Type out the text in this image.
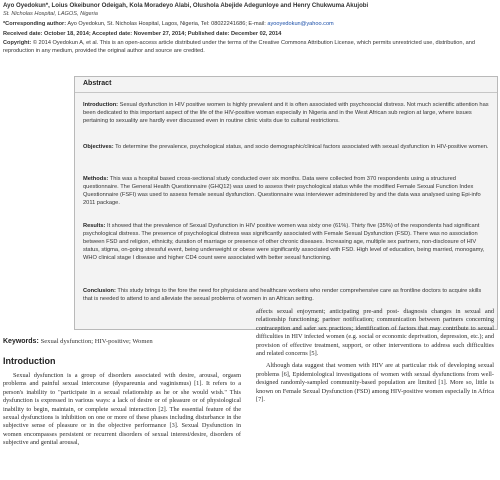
Ayo Oyedokun*, Loius Okeibunor Odeigah, Kola Moradeyo Alabi, Olushola Abejide Adegunloye and Henry Chukwuma Akujobi
St. Nicholas Hospital, LAGOS, Nigeria
*Corresponding author: Ayo Oyedokun, St. Nicholas Hospital, Lagos, Nigeria, Tel: 08022241686; E-mail: ayooyedokun@yahoo.com
Received date: October 18, 2014; Accepted date: November 27, 2014; Published date: December 02, 2014
Copyright: © 2014 Oyedokun A, et al. This is an open-access article distributed under the terms of the Creative Commons Attribution License, which permits unrestricted use, distribution, and reproduction in any medium, provided the original author and source are credited.
Abstract
Introduction: Sexual dysfunction in HIV positive women is highly prevalent and it is often associated with psychosocial distress. Not much scientific attention has been dedicated to this important aspect of the life of the HIV-positive woman especially in Nigeria and in the West African sub region at large, where issues pertaining to sexuality are hardly ever discussed even in routine clinic visits due to cultural restrictions.
Objectives: To determine the prevalence, psychological status, and socio demographic/clinical factors associated with sexual dysfunction in HIV-positive women.
Methods: This was a hospital based cross-sectional study conducted over six months. Data were collected from 370 respondents using a structured questionnaire. The General Health Questionnaire (GHQ12) was used to assess their psychological status while the modified Female Sexual Function Index Questionnaire (FSFI) was used to assess female sexual dysfunction. Questionnaire was interviewer administered by and the data was analysed using Epi-info 2011 package.
Results: It showed that the prevalence of Sexual Dysfunction in HIV positive women was sixty one (61%). Thirty five (35%) of the respondents had significant psychological distress. The presence of psychological distress was significantly associated with Female Sexual Dysfunction (FSD). There was no association between FSD and religion, ethnicity, duration of marriage or presence of other chronic diseases. Increasing age, multiple sex partners, non-disclosure of HIV status, stigma, on-going stressful event, being underweight or obese were significantly associated with FSD. High level of education, being married, monogamy, WHO clinical stage I disease and higher CD4 count were associated with better sexual functioning.
Conclusion: This study brings to the fore the need for physicians and healthcare workers who render comprehensive care as frontline doctors to acquire skills that is needed to attend to and alleviate the sexual problems of women in an African setting.
Keywords: Sexual dysfunction; HIV-positive; Women
Introduction

Sexual dysfunction is a group of disorders associated with desire, arousal, orgasm problems and painful sexual intercourse (dyspareunia and vaginismus) [1]. It refers to a person's inability to "participate in a sexual relationship as he or she would wish." This dysfunction is expressed in various ways: a lack of desire or of pleasure or of physiological inability to begin, maintain, or complete sexual interaction [2]. The essential feature of the sexual dysfunctions is inhibition on one or more of these phases including disturbance in the subjective sense of pleasure or in the objective performance [3]. Sexual Dysfunction in women encompasses persistent or recurrent disorders of sexual interest/desire, disorders of subjective and genital arousal,

affects sexual enjoyment; anticipating pre-and post- diagnosis changes in sexual and relationship functioning; partner notification; communication between partners concerning contraception and safer sex practices; identification of factors that may contribute to sexual difficulties in HIV infected women (e.g. social or economic deprivation, depression, etc.); and provision of effective treatment, support, or other interventions to address such difficulties and related concerns [5].

Although data suggest that women with HIV are at particular risk of developing sexual problems [6], Epidemiological investigations of women with sexual dysfunctions from well-designed randomly-sampled community-based population are limited [1]. More so, little is known on Female Sexual Dysfunction (FSD) among HIV-positive women especially in Africa [7].
